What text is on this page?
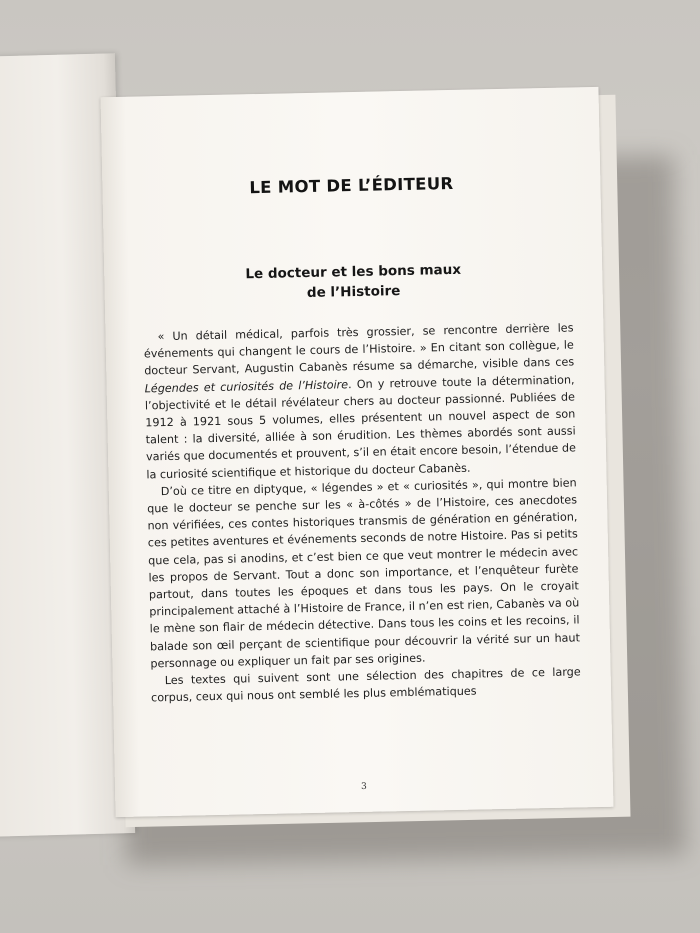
LE MOT DE L’ÉDITEUR
Le docteur et les bons maux
de l’Histoire

« Un détail médical, parfois très grossier, se rencontre derrière les événements qui changent le cours de l’Histoire. » En citant son collègue, le docteur Servant, Augustin Cabanès résume sa démarche, visible dans ces Légendes et curiosités de l’Histoire. On y retrouve toute la détermination, l’objectivité et le détail révélateur chers au docteur passionné. Publiées de 1912 à 1921 sous 5 volumes, elles présentent un nouvel aspect de son talent : la diversité, alliée à son érudition. Les thèmes abordés sont aussi variés que documentés et prouvent, s’il en était encore besoin, l’étendue de la curiosité scientifique et historique du docteur Cabanès.

D’où ce titre en diptyque, « légendes » et « curiosités », qui montre bien que le docteur se penche sur les « à-côtés » de l’Histoire, ces anecdotes non vérifiées, ces contes historiques transmis de génération en génération, ces petites aventures et événements seconds de notre Histoire. Pas si petits que cela, pas si anodins, et c’est bien ce que veut montrer le médecin avec les propos de Servant. Tout a donc son importance, et l’enquêteur furète partout, dans toutes les époques et dans tous les pays. On le croyait principalement attaché à l’Histoire de France, il n’en est rien, Cabanès va où le mène son flair de médecin détective. Dans tous les coins et les recoins, il balade son œil perçant de scientifique pour découvrir la vérité sur un haut personnage ou expliquer un fait par ses origines.

Les textes qui suivent sont une sélection des chapitres de ce large corpus, ceux qui nous ont semblé les plus emblématiques

3
